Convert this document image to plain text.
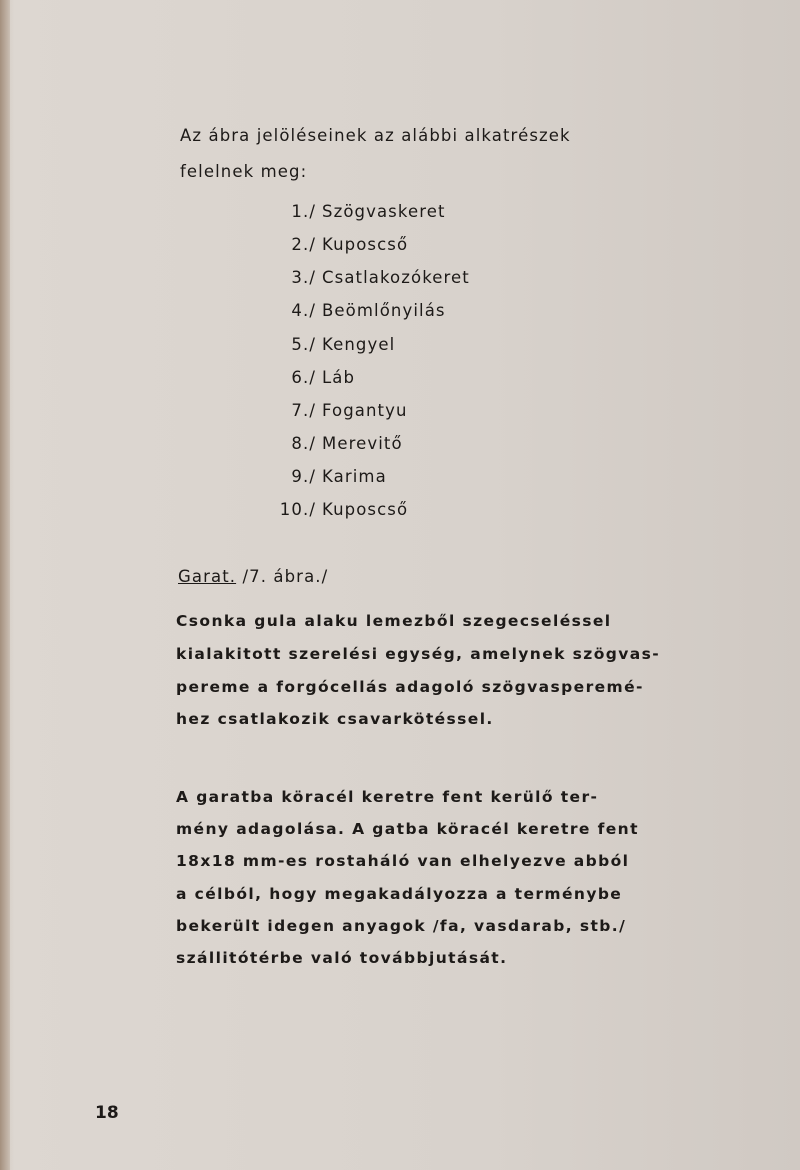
Az ábra jelöléseinek az alábbi alkatrészek
felelnek meg:
1./ Szögvaskeret
2./ Kuposcső
3./ Csatlakozókeret
4./ Beömlőnyilás
5./ Kengyel
6./ Láb
7./ Fogantyu
8./ Merevitő
9./ Karima
10./ Kuposcső
Garat. /7. ábra./
Csonka gula alaku lemezből szegecseléssel
kialakitott szerelési egység, amelynek szögvas-
pereme a forgócellás adagoló szögvasperemé-
hez csatlakozik csavarkötéssel.
A garatba köracél keretre fent kerülő ter-
mény adagolása. A gatba köracél keretre fent
18x18 mm-es rostaháló van elhelyezve abból
a célból, hogy megakadályozza a terménybe
bekerült idegen anyagok /fa, vasdarab, stb./
szállitótérbe való továbbjutását.
18
